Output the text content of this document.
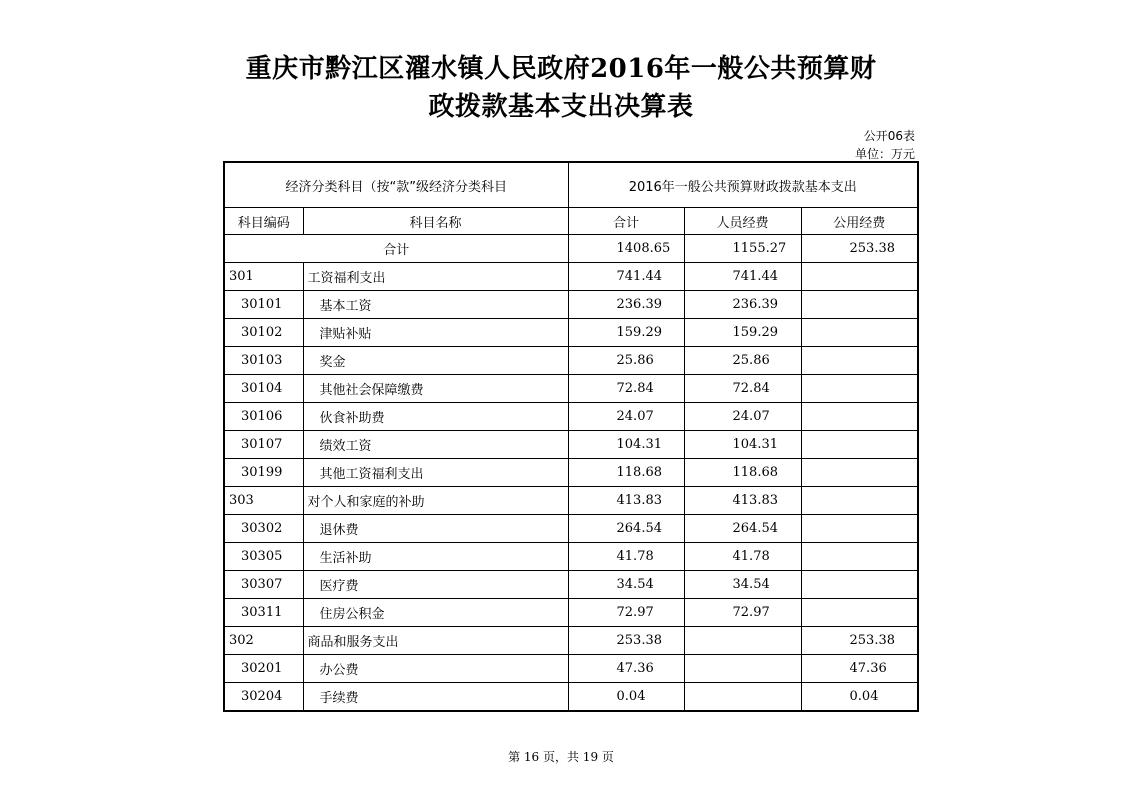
重庆市黔江区濯水镇人民政府2016年一般公共预算财
政拨款基本支出决算表
公开06表
单位：万元
经济分类科目（按“款”级经济分类科目		2016年一般公共预算财政拨款基本支出		
科目编码	科目名称	合计	人员经费	公用经费
合计		1408.65	1155.27	253.38
301	工资福利支出	741.44	741.44	
30101	基本工资	236.39	236.39	
30102	津贴补贴	159.29	159.29	
30103	奖金	25.86	25.86	
30104	其他社会保障缴费	72.84	72.84	
30106	伙食补助费	24.07	24.07	
30107	绩效工资	104.31	104.31	
30199	其他工资福利支出	118.68	118.68	
303	对个人和家庭的补助	413.83	413.83	
30302	退休费	264.54	264.54	
30305	生活补助	41.78	41.78	
30307	医疗费	34.54	34.54	
30311	住房公积金	72.97	72.97	
302	商品和服务支出	253.38		253.38
30201	办公费	47.36		47.36
30204	手续费	0.04		0.04
第 16 页，共 19 页
